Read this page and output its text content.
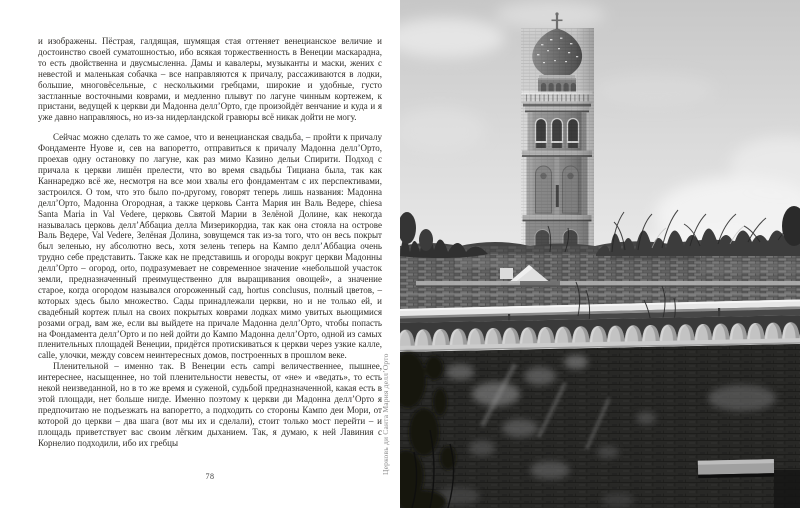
и изображены. Пёстрая, галдящая, шумящая стая оттеняет венецианское величие и достоинство своей суматошностью, ибо всякая торжественность в Венеции маскарадна, то есть двойственна и двусмысленна. Дамы и кавалеры, музыканты и маски, жених с невестой и маленькая собачка – все направляются к причалу, рассаживаются в лодки, большие, многовёсельные, с несколькими гребцами, широкие и удобные, густо застланные восточными коврами, и медленно плывут по лагуне чинным кортежем, к пристани, ведущей к церкви ди Мадонна делл’Орто, где произойдёт венчание и куда и я уже давно направляюсь, но из-за нидерландской гравюры всё никак дойти не могу.

Сейчас можно сделать то же самое, что и венецианская свадьба, – пройти к причалу Фондаменте Нуове и, сев на вапоретто, отправиться к причалу Мадонна делл’Орто, проехав одну остановку по лагуне, как раз мимо Казино дельи Спирити. Подход с причала к церкви лишён прелести, что во время свадьбы Тициана была, так как Каннареджо всё же, несмотря на все мои хвалы его фондаментам с их перспективами, застроился. О том, что это было по-другому, говорят теперь лишь названия: Мадонна делл’Орто, Мадонна Огородная, а также церковь Санта Мария ин Валь Ведере, chiesa Santa Maria in Val Vedere, церковь Святой Марии в Зелёной Долине, как некогда называлась церковь делл’Аббациа делла Мизерикордиа, так как она стояла на острове Валь Ведере, Val Vedere, Зелёная Долина, зовущемся так из-за того, что он весь покрыт был зеленью, ну абсолютно весь, хотя зелень теперь на Кампо делл’Аббациа очень трудно себе представить. Также как не представишь и огороды вокруг церкви Мадонны делл’Орто – огород, orto, подразумевает не современное значение «небольшой участок земли, предназначенный преимущественно для выращивания овощей», а значение старое, когда огородом назывался огороженный сад, hortus conclusus, полный цветов, – которых здесь было множество. Сады принадлежали церкви, но и не только ей, и свадебный кортеж плыл на своих покрытых коврами лодках мимо увитых вьющимися розами оград, вам же, если вы выйдете на причале Мадонна делл’Орто, чтобы попасть на Фондамента делл’Орто и по ней дойти до Кампо Мадонна делл’Орто, одной из самых пленительных площадей Венеции, придётся протискиваться к церкви через узкие калле, calle, улочки, между совсем неинтересных домов, построенных в прошлом веке.

Пленительной – именно так. В Венеции есть campi величественнее, пышнее, интереснее, насыщеннее, но той пленительности невесты, от «не» и «ведать», то есть некой неизведанной, но в то же время и суженой, судьбой предназначенной, какая есть в этой площади, нет больше нигде. Именно поэтому к церкви ди Мадонна делл’Орто я предпочитаю не подъезжать на вапоретто, а подходить со стороны Кампо деи Мори, от которой до церкви – два шага (вот мы их и сделали), стоит только мост перейти – и площадь приветствует вас своим лёгким дыханием. Так, я думаю, к ней Лавиния с Корнелио подходили, ибо их гребцы

78
Церковь ди Санта Мария делл’Орто
